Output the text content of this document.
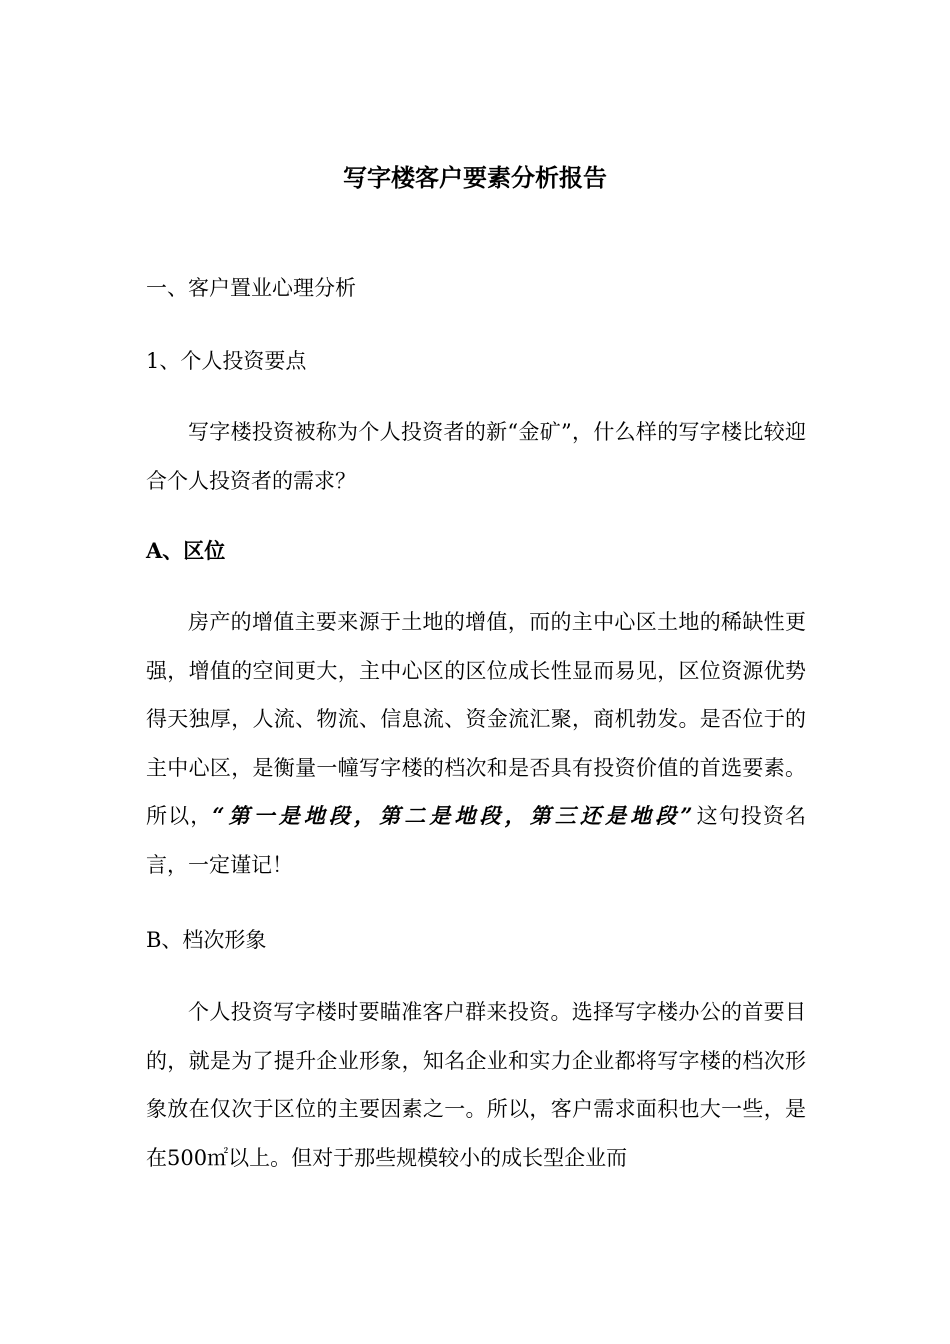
写字楼客户要素分析报告

一、客户置业心理分析

1、个人投资要点

写字楼投资被称为个人投资者的新“金矿”，什么样的写字楼比较迎合个人投资者的需求？

A、区位

房产的增值主要来源于土地的增值，而的主中心区土地的稀缺性更强，增值的空间更大，主中心区的区位成长性显而易见，区位资源优势得天独厚，人流、物流、信息流、资金流汇聚，商机勃发。是否位于的主中心区，是衡量一幢写字楼的档次和是否具有投资价值的首选要素。所以，“第一是地段，第二是地段，第三还是地段”这句投资名言，一定谨记！

B、档次形象

个人投资写字楼时要瞄准客户群来投资。选择写字楼办公的首要目的，就是为了提升企业形象，知名企业和实力企业都将写字楼的档次形象放在仅次于区位的主要因素之一。所以，客户需求面积也大一些，是在500㎡以上。但对于那些规模较小的成长型企业而
